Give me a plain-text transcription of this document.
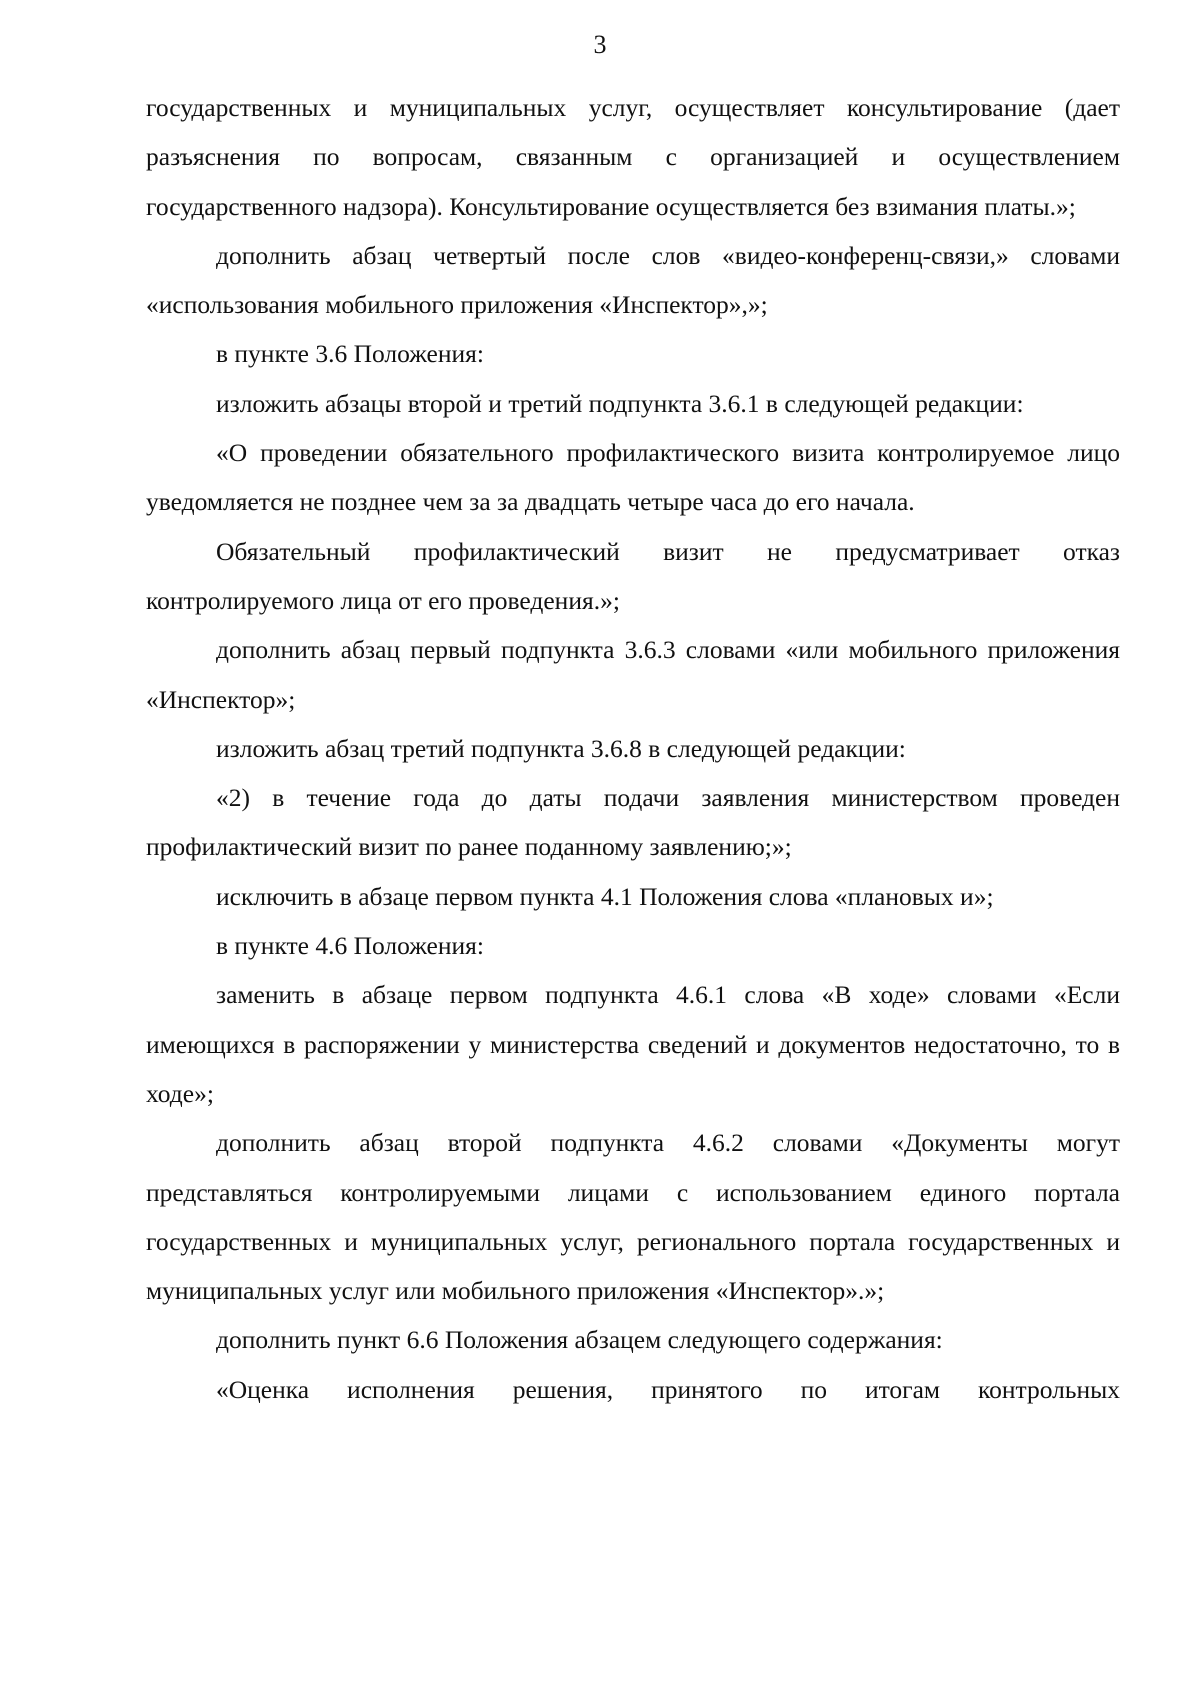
3

государственных и муниципальных услуг, осуществляет консультирование (дает разъяснения по вопросам, связанным с организацией и осуществлением государственного надзора). Консультирование осуществляется без взимания платы.»;

дополнить абзац четвертый после слов «видео-конференц-связи,» словами «использования мобильного приложения «Инспектор»,»;

в пункте 3.6 Положения:

изложить абзацы второй и третий подпункта 3.6.1 в следующей редакции:

«О проведении обязательного профилактического визита контролируемое лицо уведомляется не позднее чем за за двадцать четыре часа до его начала.

Обязательный профилактический визит не предусматривает отказ контролируемого лица от его проведения.»;

дополнить абзац первый подпункта 3.6.3 словами «или мобильного приложения «Инспектор»;

изложить абзац третий подпункта 3.6.8 в следующей редакции:

«2) в течение года до даты подачи заявления министерством проведен профилактический визит по ранее поданному заявлению;»;

исключить в абзаце первом пункта 4.1 Положения слова «плановых и»;

в пункте 4.6 Положения:

заменить в абзаце первом подпункта 4.6.1 слова «В ходе» словами «Если имеющихся в распоряжении у министерства сведений и документов недостаточно, то в ходе»;

дополнить абзац второй подпункта 4.6.2 словами «Документы могут представляться контролируемыми лицами с использованием единого портала государственных и муниципальных услуг, регионального портала государственных и муниципальных услуг или мобильного приложения «Инспектор».»;

дополнить пункт 6.6 Положения абзацем следующего содержания:

«Оценка исполнения решения, принятого по итогам контрольных
